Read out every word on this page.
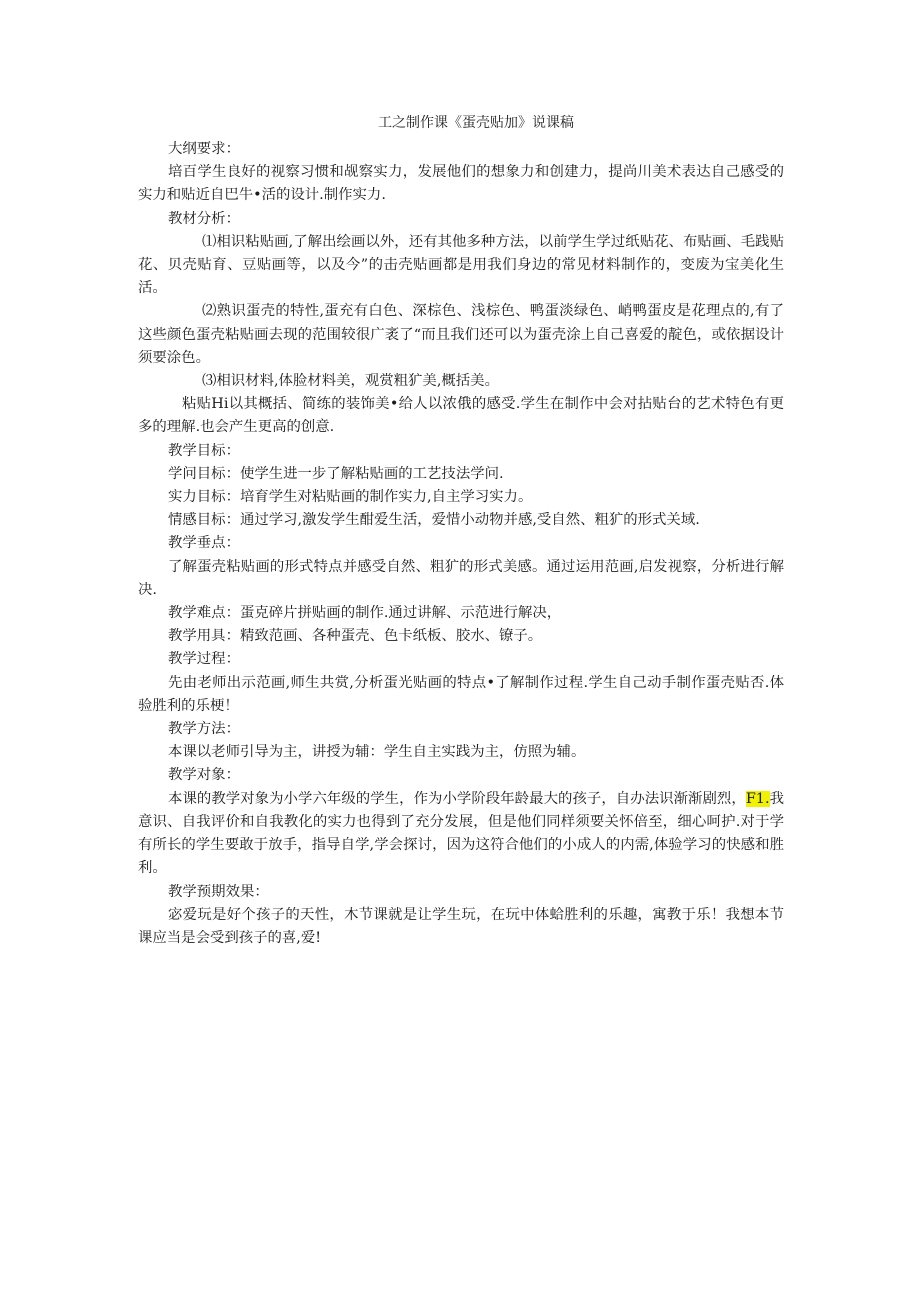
工之制作课《蛋壳贴加》说课稿

大纲要求：

培百学生良好的视察习惯和觇察实力，发展他们的想象力和创建力，提尚川美术表达自己感受的实力和贴近自巴牛•活的设计.制作实力.

教材分析：

⑴相识粘贴画,了解出绘画以外，还有其他多种方法，以前学生学过纸贴花、布贴画、毛践贴花、贝壳贴育、豆贴画等，以及今”的击壳贴画都是用我们身边的常见材料制作的，变废为宝美化生活。

⑵熟识蛋壳的特性,蛋充有白色、深棕色、浅棕色、鸭蛋淡绿色、峭鸭蛋皮是花理点的,有了这些颜色蛋壳粘贴画去现的范围较很广袤了“而且我们还可以为蛋壳涂上自己喜爱的靛色，或依据设计须要涂色。

⑶相识材料,体脸材料美，观赏粗犷美,概括美。

粘贴Hi以其概括、简练的装饰美•给人以浓俄的感受.学生在制作中会对拈贴台的艺术特色有更多的理解.也会产生更高的创意.

教学目标：

学问目标：使学生进一步了解粘贴画的工艺技法学问.

实力目标：培育学生对粘贴画的制作实力,自主学习实力。

情感目标：通过学习,激发学生酣爱生活，爱惜小动物并感,受自然、粗犷的形式关域.

教学垂点：

了解蛋壳粘贴画的形式特点并感受自然、粗犷的形式美感。通过运用范画,启发视察，分析进行解决.

教学难点：蛋克碎片拼贴画的制作.通过讲解、示范进行解决，

教学用具：精致范画、各种蛋壳、色卡纸板、胶水、镣子。

教学过程：

先由老师出示范画,师生共赏,分析蛋光贴画的特点•了解制作过程.学生自己动手制作蛋壳贴否.体验胜利的乐梗！

教学方法：

本课以老师引导为主，讲授为辅：学生自主实践为主，仿照为辅。

教学对象：

本课的教学对象为小学六年级的学生，作为小学阶段年龄最大的孩子，自办法识渐渐剧烈，F1.我意识、自我评价和自我教化的实力也得到了充分发展，但是他们同样须要关怀倍至，细心呵护.对于学有所长的学生要敢于放手，指导自学,学会探讨，因为这符合他们的小成人的内需,体验学习的快感和胜利。

教学预期效果：

宓爱玩是好个孩子的天性，木节课就是让学生玩，在玩中体蛤胜利的乐趣，寓教于乐！我想本节课应当是会受到孩子的喜,爱!
